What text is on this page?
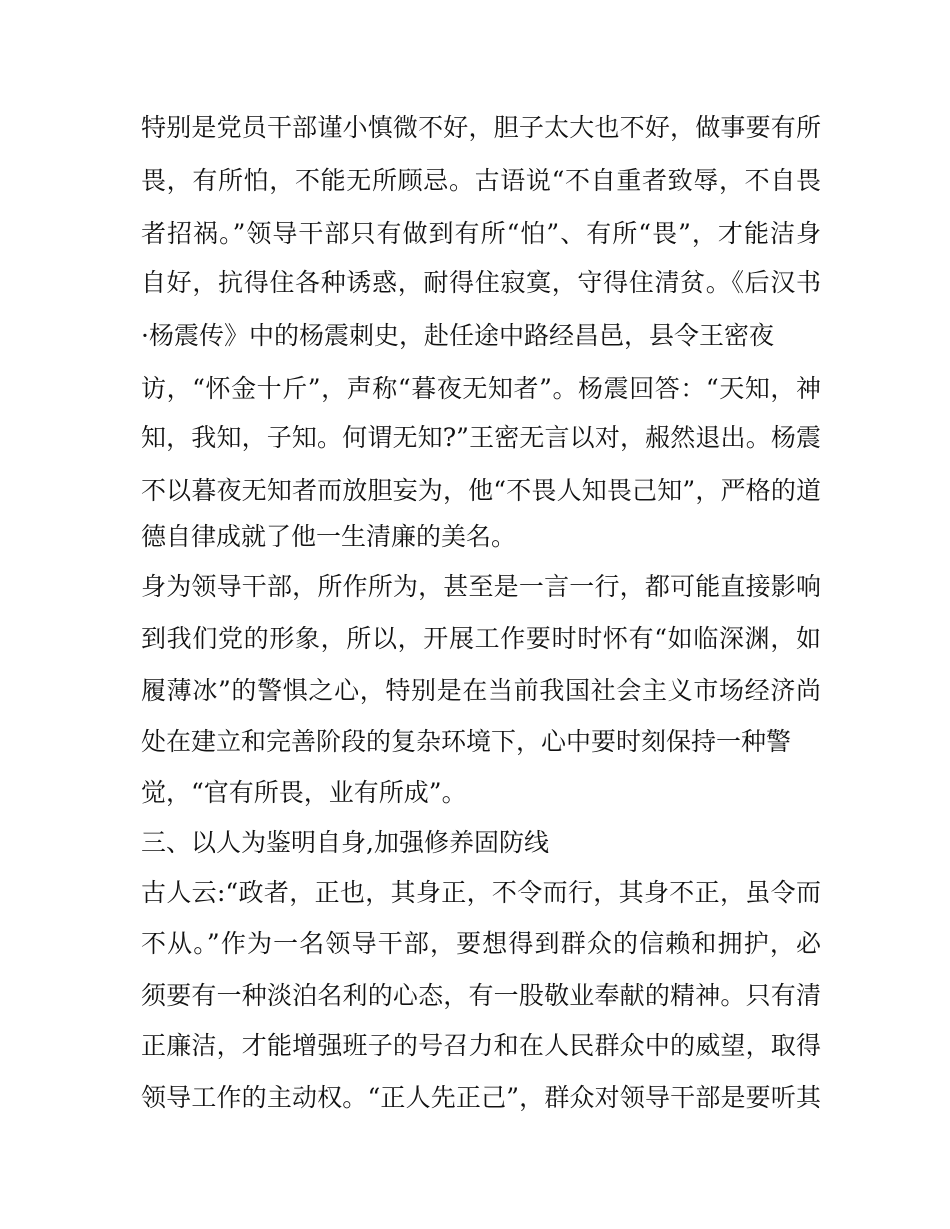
特别是党员干部谨小慎微不好，胆子太大也不好，做事要有所
畏，有所怕，不能无所顾忌。古语说“不自重者致辱，不自畏
者招祸。”领导干部只有做到有所“怕”、有所“畏”，才能洁身
自好，抗得住各种诱惑，耐得住寂寞，守得住清贫。《后汉书
·杨震传》中的杨震刺史，赴任途中路经昌邑，县令王密夜
访，“怀金十斤”，声称“暮夜无知者”。杨震回答：“天知，神
知，我知，子知。何谓无知?”王密无言以对，赧然退出。杨震
不以暮夜无知者而放胆妄为，他“不畏人知畏己知”，严格的道
德自律成就了他一生清廉的美名。
身为领导干部，所作所为，甚至是一言一行，都可能直接影响
到我们党的形象，所以，开展工作要时时怀有“如临深渊，如
履薄冰”的警惧之心，特别是在当前我国社会主义市场经济尚
处在建立和完善阶段的复杂环境下，心中要时刻保持一种警
觉，“官有所畏，业有所成”。
三、以人为鉴明自身,加强修养固防线
古人云:“政者，正也，其身正，不令而行，其身不正，虽令而
不从。”作为一名领导干部，要想得到群众的信赖和拥护，必
须要有一种淡泊名利的心态，有一股敬业奉献的精神。只有清
正廉洁，才能增强班子的号召力和在人民群众中的威望，取得
领导工作的主动权。“正人先正己”，群众对领导干部是要听其
